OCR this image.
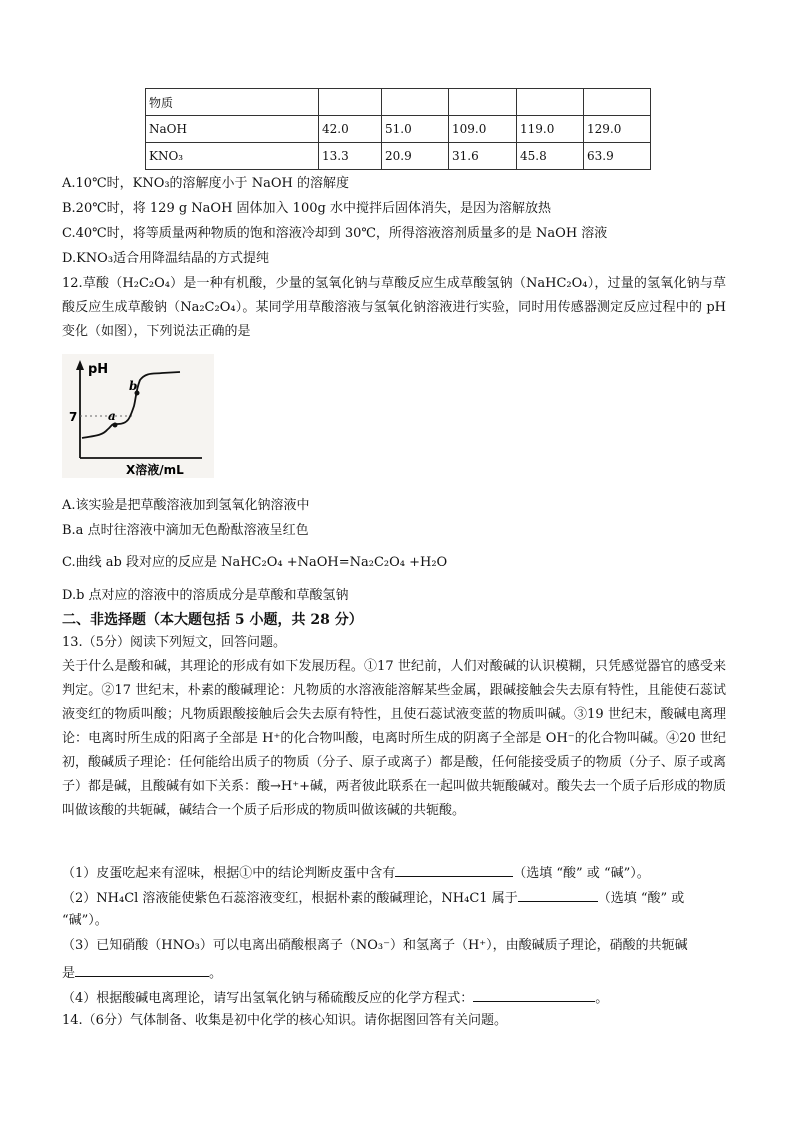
物质					
NaOH	42.0	51.0	109.0	119.0	129.0
KNO₃	13.3	20.9	31.6	45.8	63.9
A.10℃时，KNO₃的溶解度小于 NaOH 的溶解度
B.20℃时，将 129 g NaOH 固体加入 100g 水中搅拌后固体消失，是因为溶解放热
C.40℃时，将等质量两种物质的饱和溶液冷却到 30℃，所得溶液溶剂质量多的是 NaOH 溶液
D.KNO₃适合用降温结晶的方式提纯
12.草酸（H₂C₂O₄）是一种有机酸，少量的氢氧化钠与草酸反应生成草酸氢钠（NaHC₂O₄），过量的氢氧化钠与草酸反应生成草酸钠（Na₂C₂O₄）。某同学用草酸溶液与氢氧化钠溶液进行实验，同时用传感器测定反应过程中的 pH 变化（如图），下列说法正确的是
pH
7	a
b
X溶液/mL
A.该实验是把草酸溶液加到氢氧化钠溶液中
B.a 点时往溶液中滴加无色酚酞溶液呈红色
C.曲线 ab 段对应的反应是 NaHC₂O₄ +NaOH=Na₂C₂O₄ +H₂O
D.b 点对应的溶液中的溶质成分是草酸和草酸氢钠
二、非选择题（本大题包括 5 小题，共 28 分）
13.（5分）阅读下列短文，回答问题。
关于什么是酸和碱，其理论的形成有如下发展历程。①17 世纪前，人们对酸碱的认识模糊，只凭感觉器官的感受来判定。②17 世纪末，朴素的酸碱理论：凡物质的水溶液能溶解某些金属，跟碱接触会失去原有特性，且能使石蕊试液变红的物质叫酸；凡物质跟酸接触后会失去原有特性，且使石蕊试液变蓝的物质叫碱。③19 世纪末，酸碱电离理论：电离时所生成的阳离子全部是 H⁺的化合物叫酸，电离时所生成的阴离子全部是 OH⁻的化合物叫碱。④20 世纪初，酸碱质子理论：任何能给出质子的物质（分子、原子或离子）都是酸，任何能接受质子的物质（分子、原子或离子）都是碱，且酸碱有如下关系：酸→H⁺+碱，两者彼此联系在一起叫做共轭酸碱对。酸失去一个质子后形成的物质叫做该酸的共轭碱，碱结合一个质子后形成的物质叫做该碱的共轭酸。
（1）皮蛋吃起来有涩味，根据①中的结论判断皮蛋中含有	（选填 “酸” 或 “碱”）。
（2）NH₄Cl 溶液能使紫色石蕊溶液变红，根据朴素的酸碱理论，NH₄C1 属于	（选填 “酸” 或
“碱”）。
（3）已知硝酸（HNO₃）可以电离出硝酸根离子（NO₃⁻）和氢离子（H⁺），由酸碱质子理论，硝酸的共轭碱
是	。
（4）根据酸碱电离理论，请写出氢氧化钠与稀硫酸反应的化学方程式：	。
14.（6分）气体制备、收集是初中化学的核心知识。请你据图回答有关问题。
